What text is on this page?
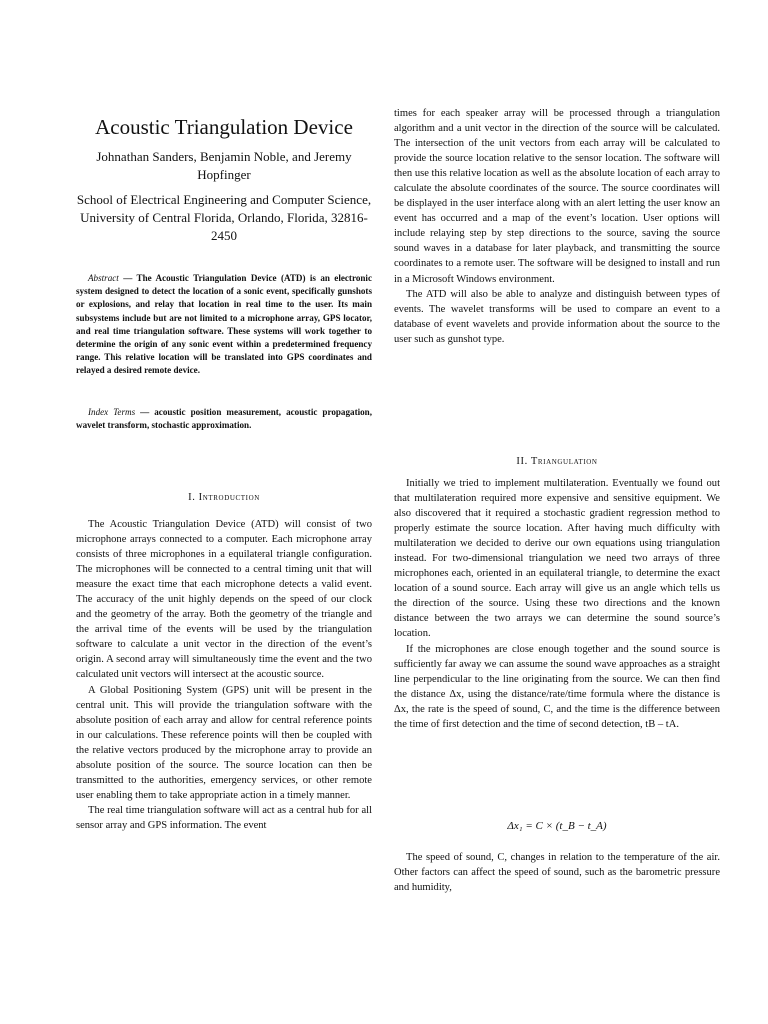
Acoustic Triangulation Device
Johnathan Sanders, Benjamin Noble, and Jeremy Hopfinger
School of Electrical Engineering and Computer Science, University of Central Florida, Orlando, Florida, 32816-2450
Abstract — The Acoustic Triangulation Device (ATD) is an electronic system designed to detect the location of a sonic event, specifically gunshots or explosions, and relay that location in real time to the user. Its main subsystems include but are not limited to a microphone array, GPS locator, and real time triangulation software. These systems will work together to determine the origin of any sonic event within a predetermined frequency range. This relative location will be translated into GPS coordinates and relayed a desired remote device.
Index Terms — acoustic position measurement, acoustic propagation, wavelet transform, stochastic approximation.
I. Introduction

The Acoustic Triangulation Device (ATD) will consist of two microphone arrays connected to a computer. Each microphone array consists of three microphones in a equilateral triangle configuration. The microphones will be connected to a central timing unit that will measure the exact time that each microphone detects a valid event. The accuracy of the unit highly depends on the speed of our clock and the geometry of the array. Both the geometry of the triangle and the arrival time of the events will be used by the triangulation software to calculate a unit vector in the direction of the event’s origin. A second array will simultaneously time the event and the two calculated unit vectors will intersect at the acoustic source.

A Global Positioning System (GPS) unit will be present in the central unit. This will provide the triangulation software with the absolute position of each array and allow for central reference points in our calculations. These reference points will then be coupled with the relative vectors produced by the microphone array to provide an absolute position of the source. The source location can then be transmitted to the authorities, emergency services, or other remote user enabling them to take appropriate action in a timely manner.

The real time triangulation software will act as a central hub for all sensor array and GPS information. The event

times for each speaker array will be processed through a triangulation algorithm and a unit vector in the direction of the source will be calculated. The intersection of the unit vectors from each array will be calculated to provide the source location relative to the sensor location. The software will then use this relative location as well as the absolute location of each array to calculate the absolute coordinates of the source. The source coordinates will be displayed in the user interface along with an alert letting the user know an event has occurred and a map of the event’s location. User options will include relaying step by step directions to the source, saving the source sound waves in a database for later playback, and transmitting the source coordinates to a remote user. The software will be designed to install and run in a Microsoft Windows environment.

The ATD will also be able to analyze and distinguish between types of events. The wavelet transforms will be used to compare an event to a database of event wavelets and provide information about the source to the user such as gunshot type.

II. Triangulation

Initially we tried to implement multilateration. Eventually we found out that multilateration required more expensive and sensitive equipment. We also discovered that it required a stochastic gradient regression method to properly estimate the source location. After having much difficulty with multilateration we decided to derive our own equations using triangulation instead. For two-dimensional triangulation we need two arrays of three microphones each, oriented in an equilateral triangle, to determine the exact location of a sound source. Each array will give us an angle which tells us the direction of the source. Using these two directions and the known distance between the two arrays we can determine the sound source’s location.

If the microphones are close enough together and the sound source is sufficiently far away we can assume the sound wave approaches as a straight line perpendicular to the line originating from the source. We can then find the distance Δx, using the distance/rate/time formula where the distance is Δx, the rate is the speed of sound, C, and the time is the difference between the time of first detection and the time of second detection, tB – tA.

Δx₁ = C × (t_B − t_A)

The speed of sound, C, changes in relation to the temperature of the air. Other factors can affect the speed of sound, such as the barometric pressure and humidity,
